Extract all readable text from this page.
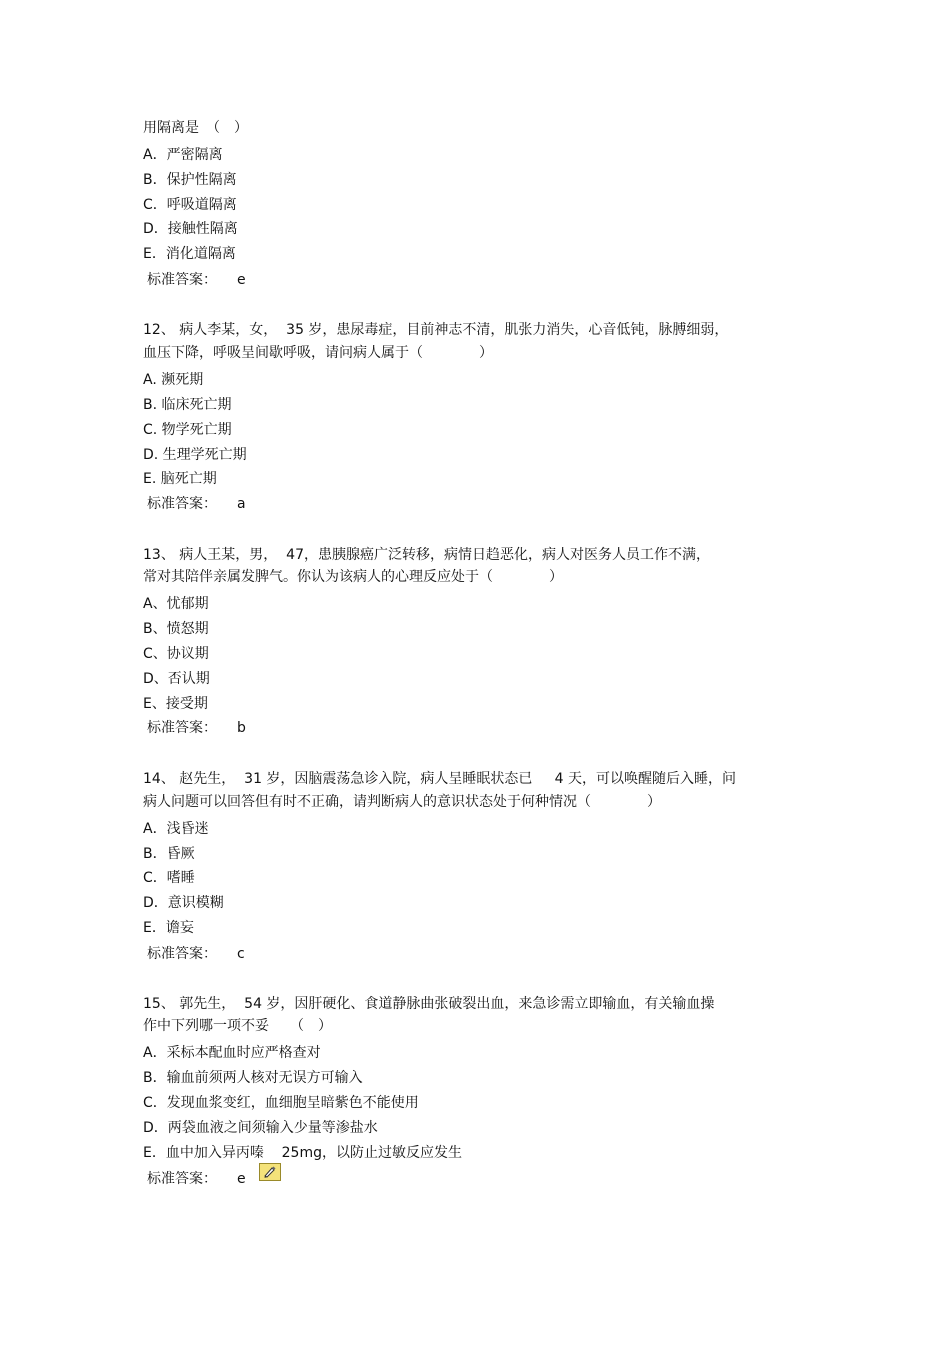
用隔离是　（　）
A．严密隔离
B．保护性隔离
C．呼吸道隔离
D．接触性隔离
E．消化道隔离
标准答案： e
12、 病人李某，女，  35 岁，患尿毒症，目前神志不清，肌张力消失，心音低钝，脉膊细弱，
血压下降，呼吸呈间歇呼吸，请问病人属于（　　　　）
A. 濒死期
B. 临床死亡期
C. 物学死亡期
D. 生理学死亡期
E. 脑死亡期
标准答案： a
13、 病人王某，男，  47，患胰腺癌广泛转移，病情日趋恶化，病人对医务人员工作不满，
常对其陪伴亲属发脾气。你认为该病人的心理反应处于（　　　　）
A、忧郁期
B、愤怒期
C、协议期
D、否认期
E、接受期
标准答案： b
14、 赵先生，  31 岁，因脑震荡急诊入院，病人呈睡眠状态已     4 天，可以唤醒随后入睡，问
病人问题可以回答但有时不正确，请判断病人的意识状态处于何种情况（　　　　）
A．浅昏迷
B．昏厥
C．嗜睡
D．意识模糊
E．谵妄
标准答案： c
15、 郭先生，  54 岁，因肝硬化、食道静脉曲张破裂出血，来急诊需立即输血，有关输血操
作中下列哪一项不妥　　（　）
A．采标本配血时应严格查对
B．输血前须两人核对无误方可输入
C．发现血浆变红，血细胞呈暗紫色不能使用
D．两袋血液之间须输入少量等渗盐水
E．血中加入异丙嗪    25mg，以防止过敏反应发生
标准答案： e
